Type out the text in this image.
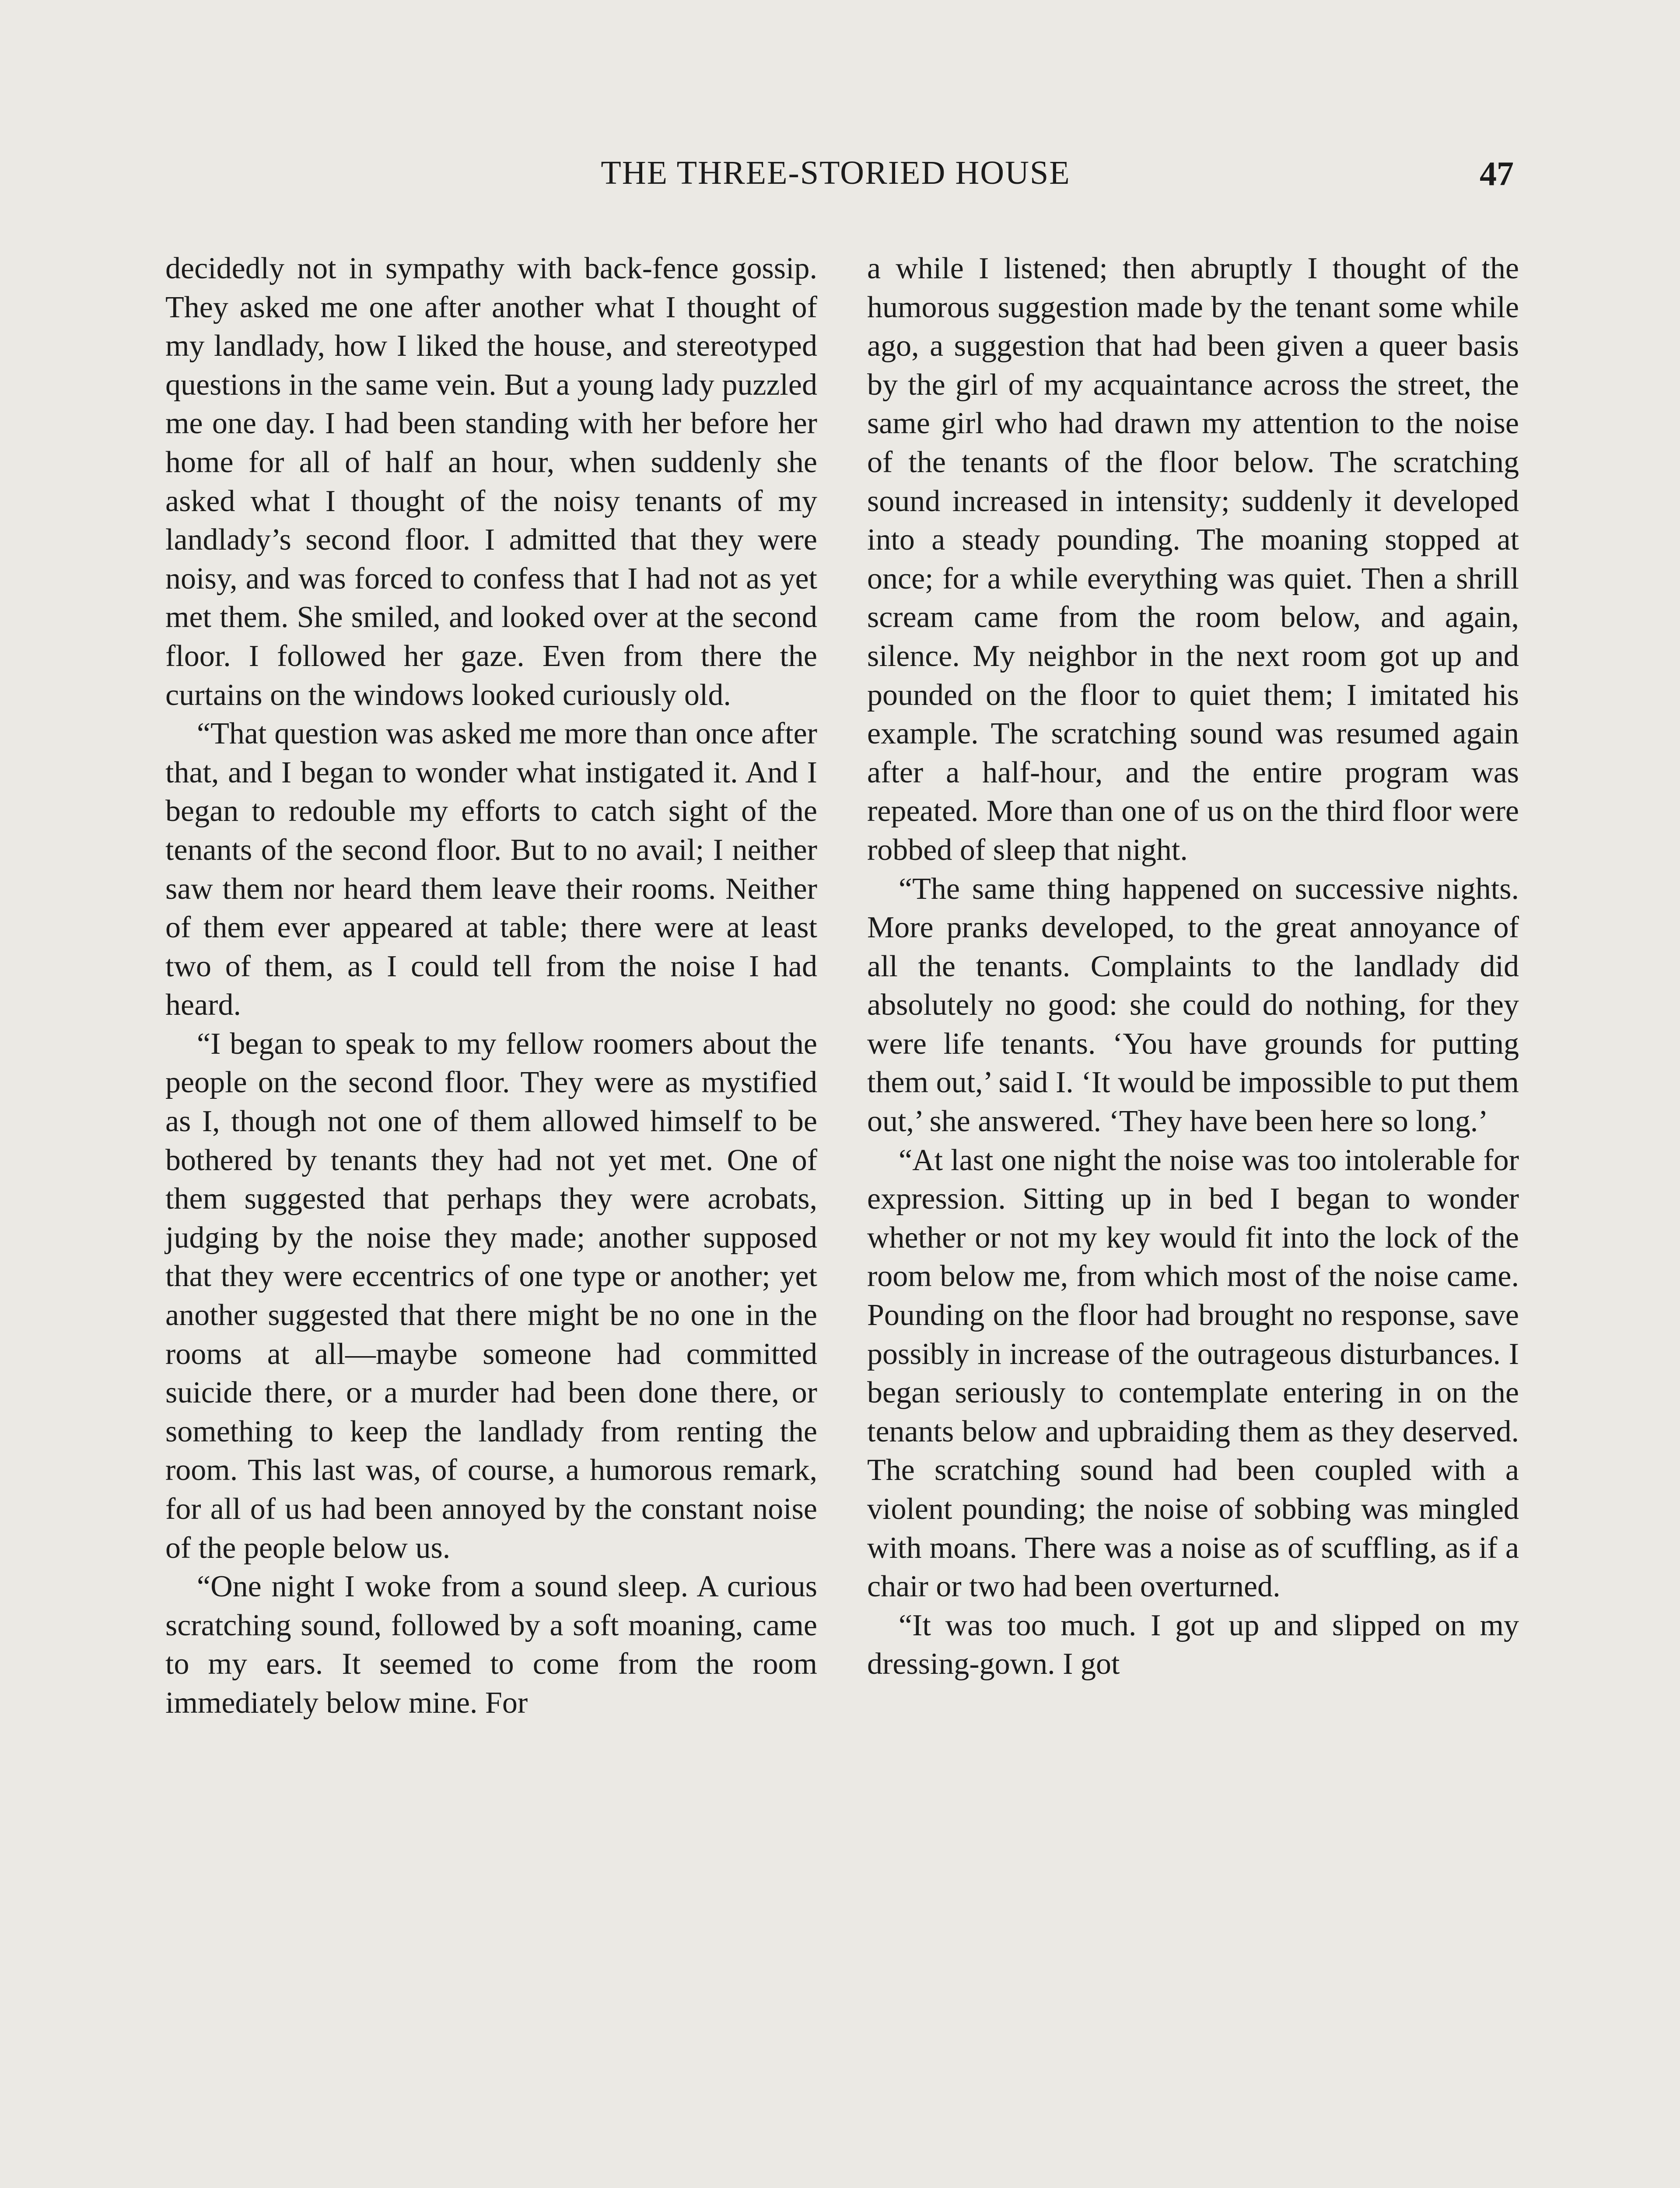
THE THREE-STORIED HOUSE	47

decidedly not in sympathy with back-fence gossip. They asked me one after another what I thought of my landlady, how I liked the house, and stereotyped questions in the same vein. But a young lady puzzled me one day. I had been standing with her before her home for all of half an hour, when suddenly she asked what I thought of the noisy tenants of my landlady’s second floor. I admitted that they were noisy, and was forced to confess that I had not as yet met them. She smiled, and looked over at the second floor. I followed her gaze. Even from there the curtains on the windows looked curiously old.

“That question was asked me more than once after that, and I began to wonder what instigated it. And I began to redouble my efforts to catch sight of the tenants of the second floor. But to no avail; I neither saw them nor heard them leave their rooms. Neither of them ever appeared at table; there were at least two of them, as I could tell from the noise I had heard.

“I began to speak to my fellow roomers about the people on the second floor. They were as mystified as I, though not one of them allowed himself to be bothered by tenants they had not yet met. One of them suggested that perhaps they were acrobats, judging by the noise they made; another supposed that they were eccentrics of one type or another; yet another suggested that there might be no one in the rooms at all—maybe someone had committed suicide there, or a murder had been done there, or something to keep the landlady from renting the room. This last was, of course, a humorous remark, for all of us had been annoyed by the constant noise of the people below us.

“One night I woke from a sound sleep. A curious scratching sound, followed by a soft moaning, came to my ears. It seemed to come from the room immediately below mine. For

a while I listened; then abruptly I thought of the humorous suggestion made by the tenant some while ago, a suggestion that had been given a queer basis by the girl of my acquaintance across the street, the same girl who had drawn my attention to the noise of the tenants of the floor below. The scratching sound increased in intensity; suddenly it developed into a steady pounding. The moaning stopped at once; for a while everything was quiet. Then a shrill scream came from the room below, and again, silence. My neighbor in the next room got up and pounded on the floor to quiet them; I imitated his example. The scratching sound was resumed again after a half-hour, and the entire program was repeated. More than one of us on the third floor were robbed of sleep that night.

“The same thing happened on successive nights. More pranks developed, to the great annoyance of all the tenants. Complaints to the landlady did absolutely no good: she could do nothing, for they were life tenants. ‘You have grounds for putting them out,’ said I. ‘It would be impossible to put them out,’ she answered. ‘They have been here so long.’

“At last one night the noise was too intolerable for expression. Sitting up in bed I began to wonder whether or not my key would fit into the lock of the room below me, from which most of the noise came. Pounding on the floor had brought no response, save possibly in increase of the outrageous disturbances. I began seriously to contemplate entering in on the tenants below and upbraiding them as they deserved. The scratching sound had been coupled with a violent pounding; the noise of sobbing was mingled with moans. There was a noise as of scuffling, as if a chair or two had been overturned.

“It was too much. I got up and slipped on my dressing-gown. I got
